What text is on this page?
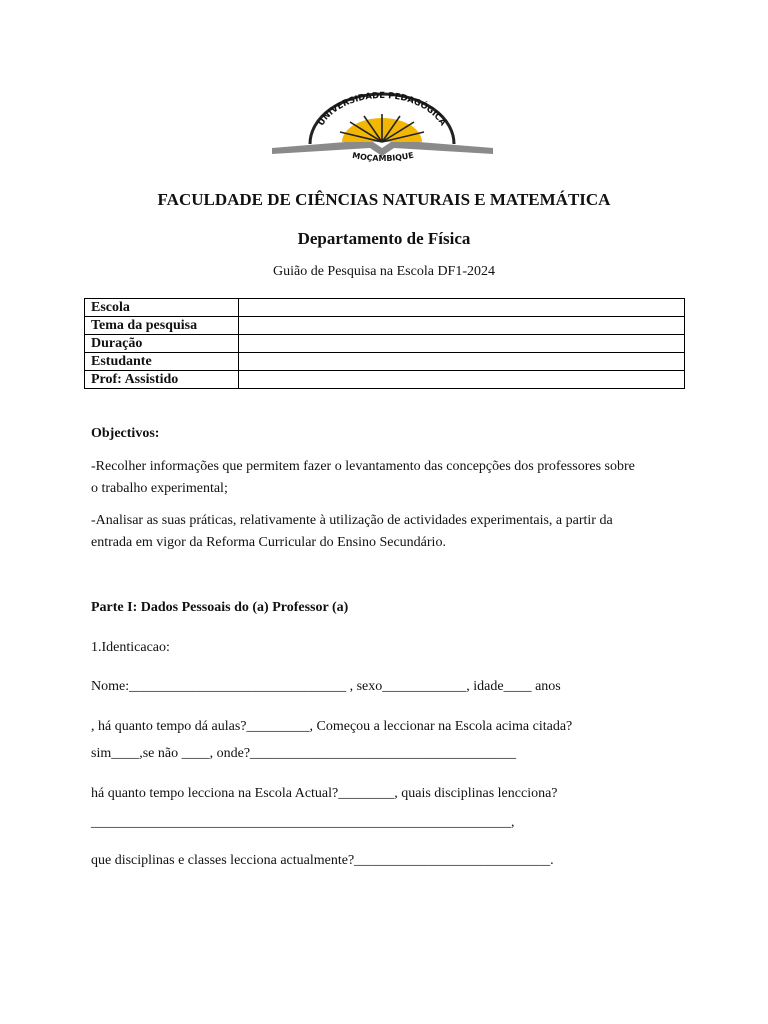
UNIVERSIDADE PEDAGÓGICA
MOÇAMBIQUE
FACULDADE DE CIÊNCIAS NATURAIS E MATEMÁTICA
Departamento de Física
Guião de Pesquisa na Escola DF1-2024
Escola	
Tema da pesquisa	
Duração	
Estudante	
Prof: Assistido	
Objectivos:
-Recolher informações que permitem fazer o levantamento das concepções dos professores sobre
o trabalho experimental;
-Analisar as suas práticas, relativamente à utilização de actividades experimentais, a partir da
entrada em vigor da Reforma Curricular do Ensino Secundário.
Parte I: Dados Pessoais do (a) Professor (a)
1.Identicacao:
Nome:_______________________________ , sexo____________, idade____ anos
, há quanto tempo dá aulas?_________, Começou a leccionar na Escola acima citada?
sim____,se não ____, onde?______________________________________
há quanto tempo lecciona na Escola Actual?________, quais disciplinas lencciona?
____________________________________________________________,
que disciplinas e classes lecciona actualmente?____________________________.
